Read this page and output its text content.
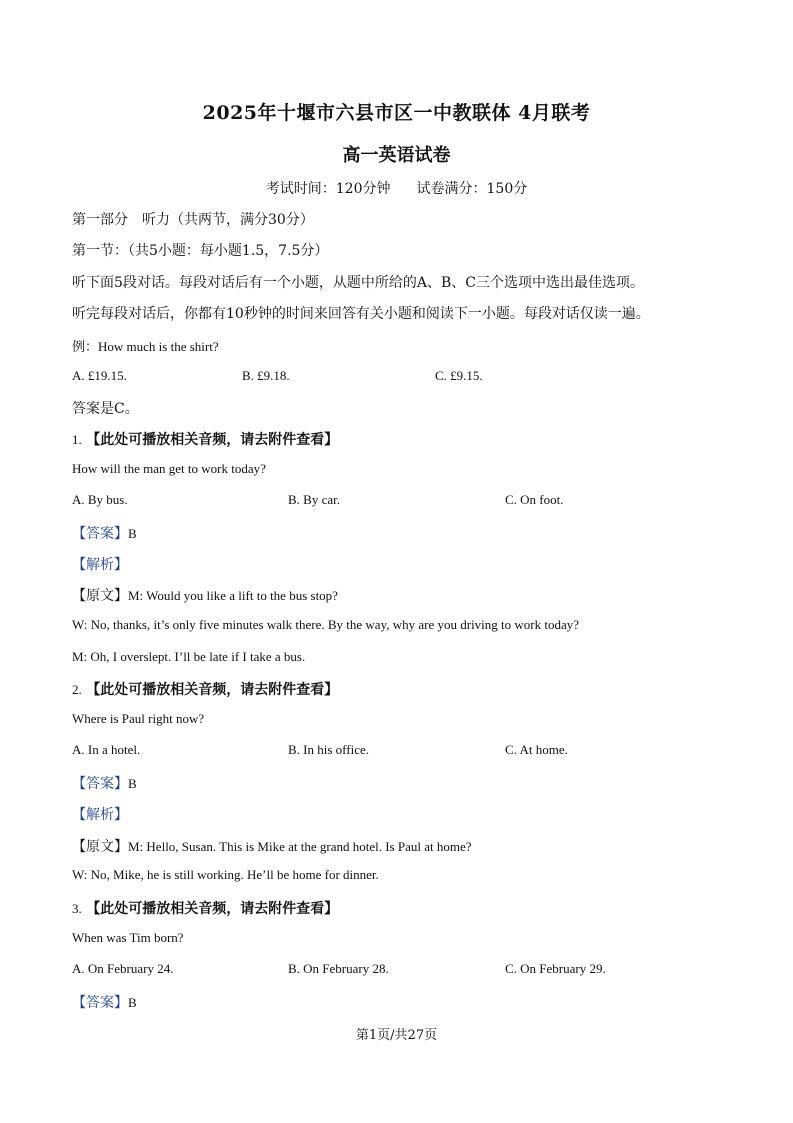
2025年十堰市六县市区一中教联体 4月联考
高一英语试卷
考试时间：120分钟 试卷满分：150分
第一部分　听力（共两节，满分30分）
第一节：（共5小题：每小题1.5，7.5分）
听下面5段对话。每段对话后有一个小题，从题中所给的A、B、C三个选项中选出最佳选项。
听完每段对话后，你都有10秒钟的时间来回答有关小题和阅读下一小题。每段对话仅读一遍。
例：How much is the shirt?
A. £19.15.	B. £9.18.	C. £9.15.
答案是C。
1. 【此处可播放相关音频，请去附件查看】
How will the man get to work today?
A. By bus.	B. By car.	C. On foot.
【答案】B
【解析】
【原文】M: Would you like a lift to the bus stop?
W: No, thanks, it’s only five minutes walk there. By the way, why are you driving to work today?
M: Oh, I overslept. I’ll be late if I take a bus.
2. 【此处可播放相关音频，请去附件查看】
Where is Paul right now?
A. In a hotel.	B. In his office.	C. At home.
【答案】B
【解析】
【原文】M: Hello, Susan. This is Mike at the grand hotel. Is Paul at home?
W: No, Mike, he is still working. He’ll be home for dinner.
3. 【此处可播放相关音频，请去附件查看】
When was Tim born?
A. On February 24.	B. On February 28.	C. On February 29.
【答案】B
第1页/共27页
